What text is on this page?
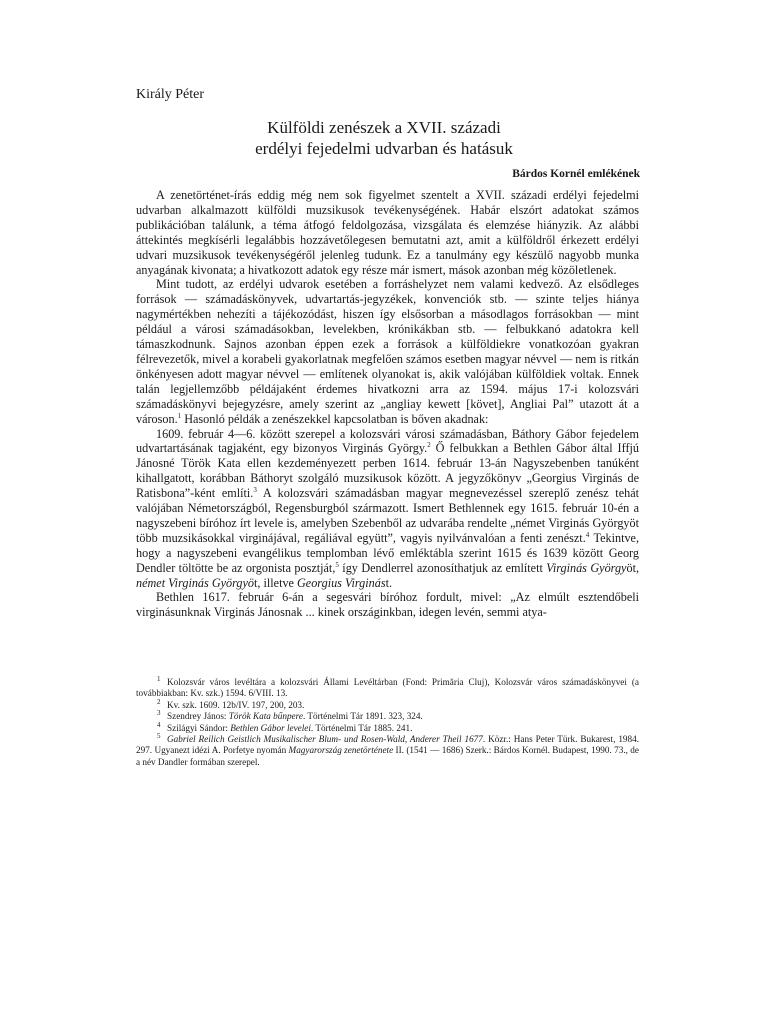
Király Péter
Külföldi zenészek a XVII. századi
erdélyi fejedelmi udvarban és hatásuk
Bárdos Kornél emlékének

A zenetörténet-írás eddig még nem sok figyelmet szentelt a XVII. századi erdélyi fejedelmi udvarban alkalmazott külföldi muzsikusok tevékenységének. Habár elszórt adatokat számos publikációban találunk, a téma átfogó feldolgozása, vizsgálata és elemzése hiányzik. Az alábbi áttekintés megkísérli legalábbis hozzávetőlegesen bemutatni azt, amit a külföldről érkezett erdélyi udvari muzsikusok tevékenységéről jelenleg tudunk. Ez a tanulmány egy készülő nagyobb munka anyagának kivonata; a hivatkozott adatok egy része már ismert, mások azonban még közöletlenek.

Mint tudott, az erdélyi udvarok esetében a forráshelyzet nem valami kedvező. Az elsődleges források — számadáskönyvek, udvartartás-jegyzékek, konvenciók stb. — szinte teljes hiánya nagymértékben nehezíti a tájékozódást, hiszen így elsősorban a másodlagos forrásokban — mint például a városi számadásokban, levelekben, krónikákban stb. — felbukkanó adatokra kell támaszkodnunk. Sajnos azonban éppen ezek a források a külföldiekre vonatkozóan gyakran félrevezetők, mivel a korabeli gyakorlatnak megfelően számos esetben magyar névvel — nem is ritkán önkényesen adott magyar névvel — említenek olyanokat is, akik valójában külföldiek voltak. Ennek talán legjellemzőbb példájaként érdemes hivatkozni arra az 1594. május 17-i kolozsvári számadáskönyvi bejegyzésre, amely szerint az „angliay kewett [követ], Angliai Pal” utazott át a városon.$^1$ Hasonló példák a zenészekkel kapcsolatban is bőven akadnak:

1609. február 4—6. között szerepel a kolozsvári városi számadásban, Báthory Gábor fejedelem udvartartásának tagjaként, egy bizonyos Virginás György.$^2$ Ő felbukkan a Bethlen Gábor által Iffjú Jánosné Török Kata ellen kezdeményezett perben 1614. február 13-án Nagyszebenben tanúként kihallgatott, korábban Báthoryt szolgáló muzsikusok között. A jegyzőkönyv „Georgius Virginás de Ratisbona”-ként említi.$^3$ A kolozsvári számadásban magyar megnevezéssel szereplő zenész tehát valójában Németországból, Regensburgból származott. Ismert Bethlennek egy 1615. február 10-én a nagyszebeni bíróhoz írt levele is, amelyben Szebenből az udvarába rendelte „német Virginás Györgyöt több muzsikásokkal virginájával, regáliával együtt”, vagyis nyilvánvalóan a fenti zenészt.$^4$ Tekintve, hogy a nagyszebeni evangélikus templomban lévő emléktábla szerint 1615 és 1639 között Georg Dendler töltötte be az orgonista posztját,$^5$ így Dendlerrel azonosíthatjuk az említett Virginás Györgyöt, német Virginás Györgyöt, illetve Georgius Virginást.

Bethlen 1617. február 6-án a segesvári bíróhoz fordult, mivel: „Az elmúlt esztendőbeli virginásunknak Virginás Jánosnak ... kinek országinkban, idegen levén, semmi atya-

$^1$ Kolozsvár város levéltára a kolozsvári Állami Levéltárban (Fond: Primăria Cluj), Kolozsvár város számadáskönyvei (a továbbiakban: Kv. szk.) 1594. 6/VIII. 13.
$^2$ Kv. szk. 1609. 12b/IV. 197, 200, 203.
$^3$ Szendrey János: Török Kata bűnpere. Történelmi Tár 1891. 323, 324.
$^4$ Szilágyi Sándor: Bethlen Gábor levelei. Történelmi Tár 1885. 241.
$^5$ Gabriel Reilich Geistlich Musikalischer Blum- und Rosen-Wald, Anderer Theil 1677. Közr.: Hans Peter Türk. Bukarest, 1984. 297. Ugyanezt idézi A. Porfetye nyomán Magyarország zenetörténete II. (1541 — 1686) Szerk.: Bárdos Kornél. Budapest, 1990. 73., de a név Dandler formában szerepel.
